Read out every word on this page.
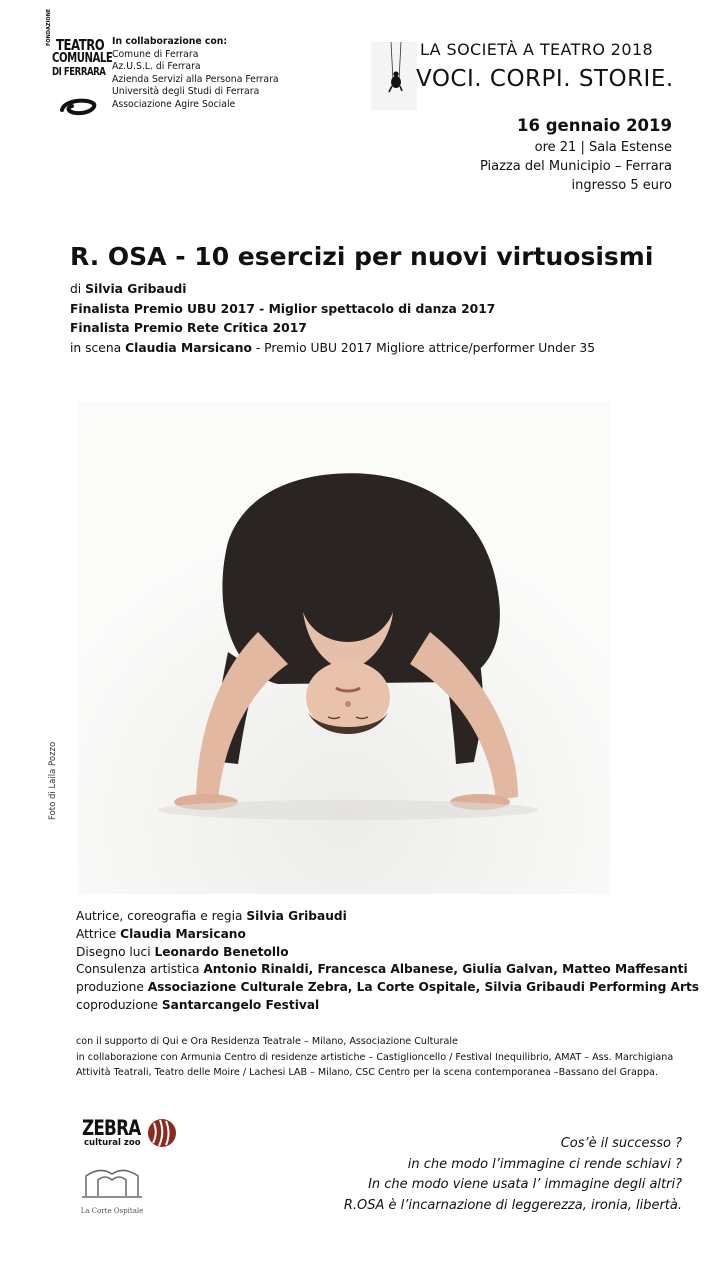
FONDAZIONE TEATRO
COMUNALE
DI FERRARA
In collaborazione con:
Comune di Ferrara
Az.U.S.L. di Ferrara
Azienda Servizi alla Persona Ferrara
Università degli Studi di Ferrara
Associazione Agire Sociale
LA SOCIETÀ A TEATRO 2018
VOCI. CORPI. STORIE.
16 gennaio 2019
ore 21 | Sala Estense
Piazza del Municipio – Ferrara
ingresso 5 euro
R. OSA - 10 esercizi per nuovi virtuosismi
di Silvia Gribaudi
Finalista Premio UBU 2017 - Miglior spettacolo di danza 2017
Finalista Premio Rete Critica 2017
in scena Claudia Marsicano - Premio UBU 2017 Migliore attrice/performer Under 35
Foto di Laila Pozzo
Autrice, coreografia e regia Silvia Gribaudi
Attrice Claudia Marsicano
Disegno luci Leonardo Benetollo
Consulenza artistica Antonio Rinaldi, Francesca Albanese, Giulia Galvan, Matteo Maffesanti
produzione Associazione Culturale Zebra, La Corte Ospitale, Silvia Gribaudi Performing Arts
coproduzione Santarcangelo Festival
con il supporto di Qui e Ora Residenza Teatrale – Milano, Associazione Culturale
in collaborazione con Armunia Centro di residenze artistiche – Castiglioncello / Festival Inequilibrio, AMAT – Ass. Marchigiana Attività Teatrali, Teatro delle Moire / Lachesi LAB – Milano, CSC Centro per la scena contemporanea –Bassano del Grappa.
ZEBRA
cultural zoo
La Corte Ospitale
Cos’è il successo ?
in che modo l’immagine ci rende schiavi ?
In che modo viene usata l’ immagine degli altri?
R.OSA è l’incarnazione di leggerezza, ironia, libertà.
